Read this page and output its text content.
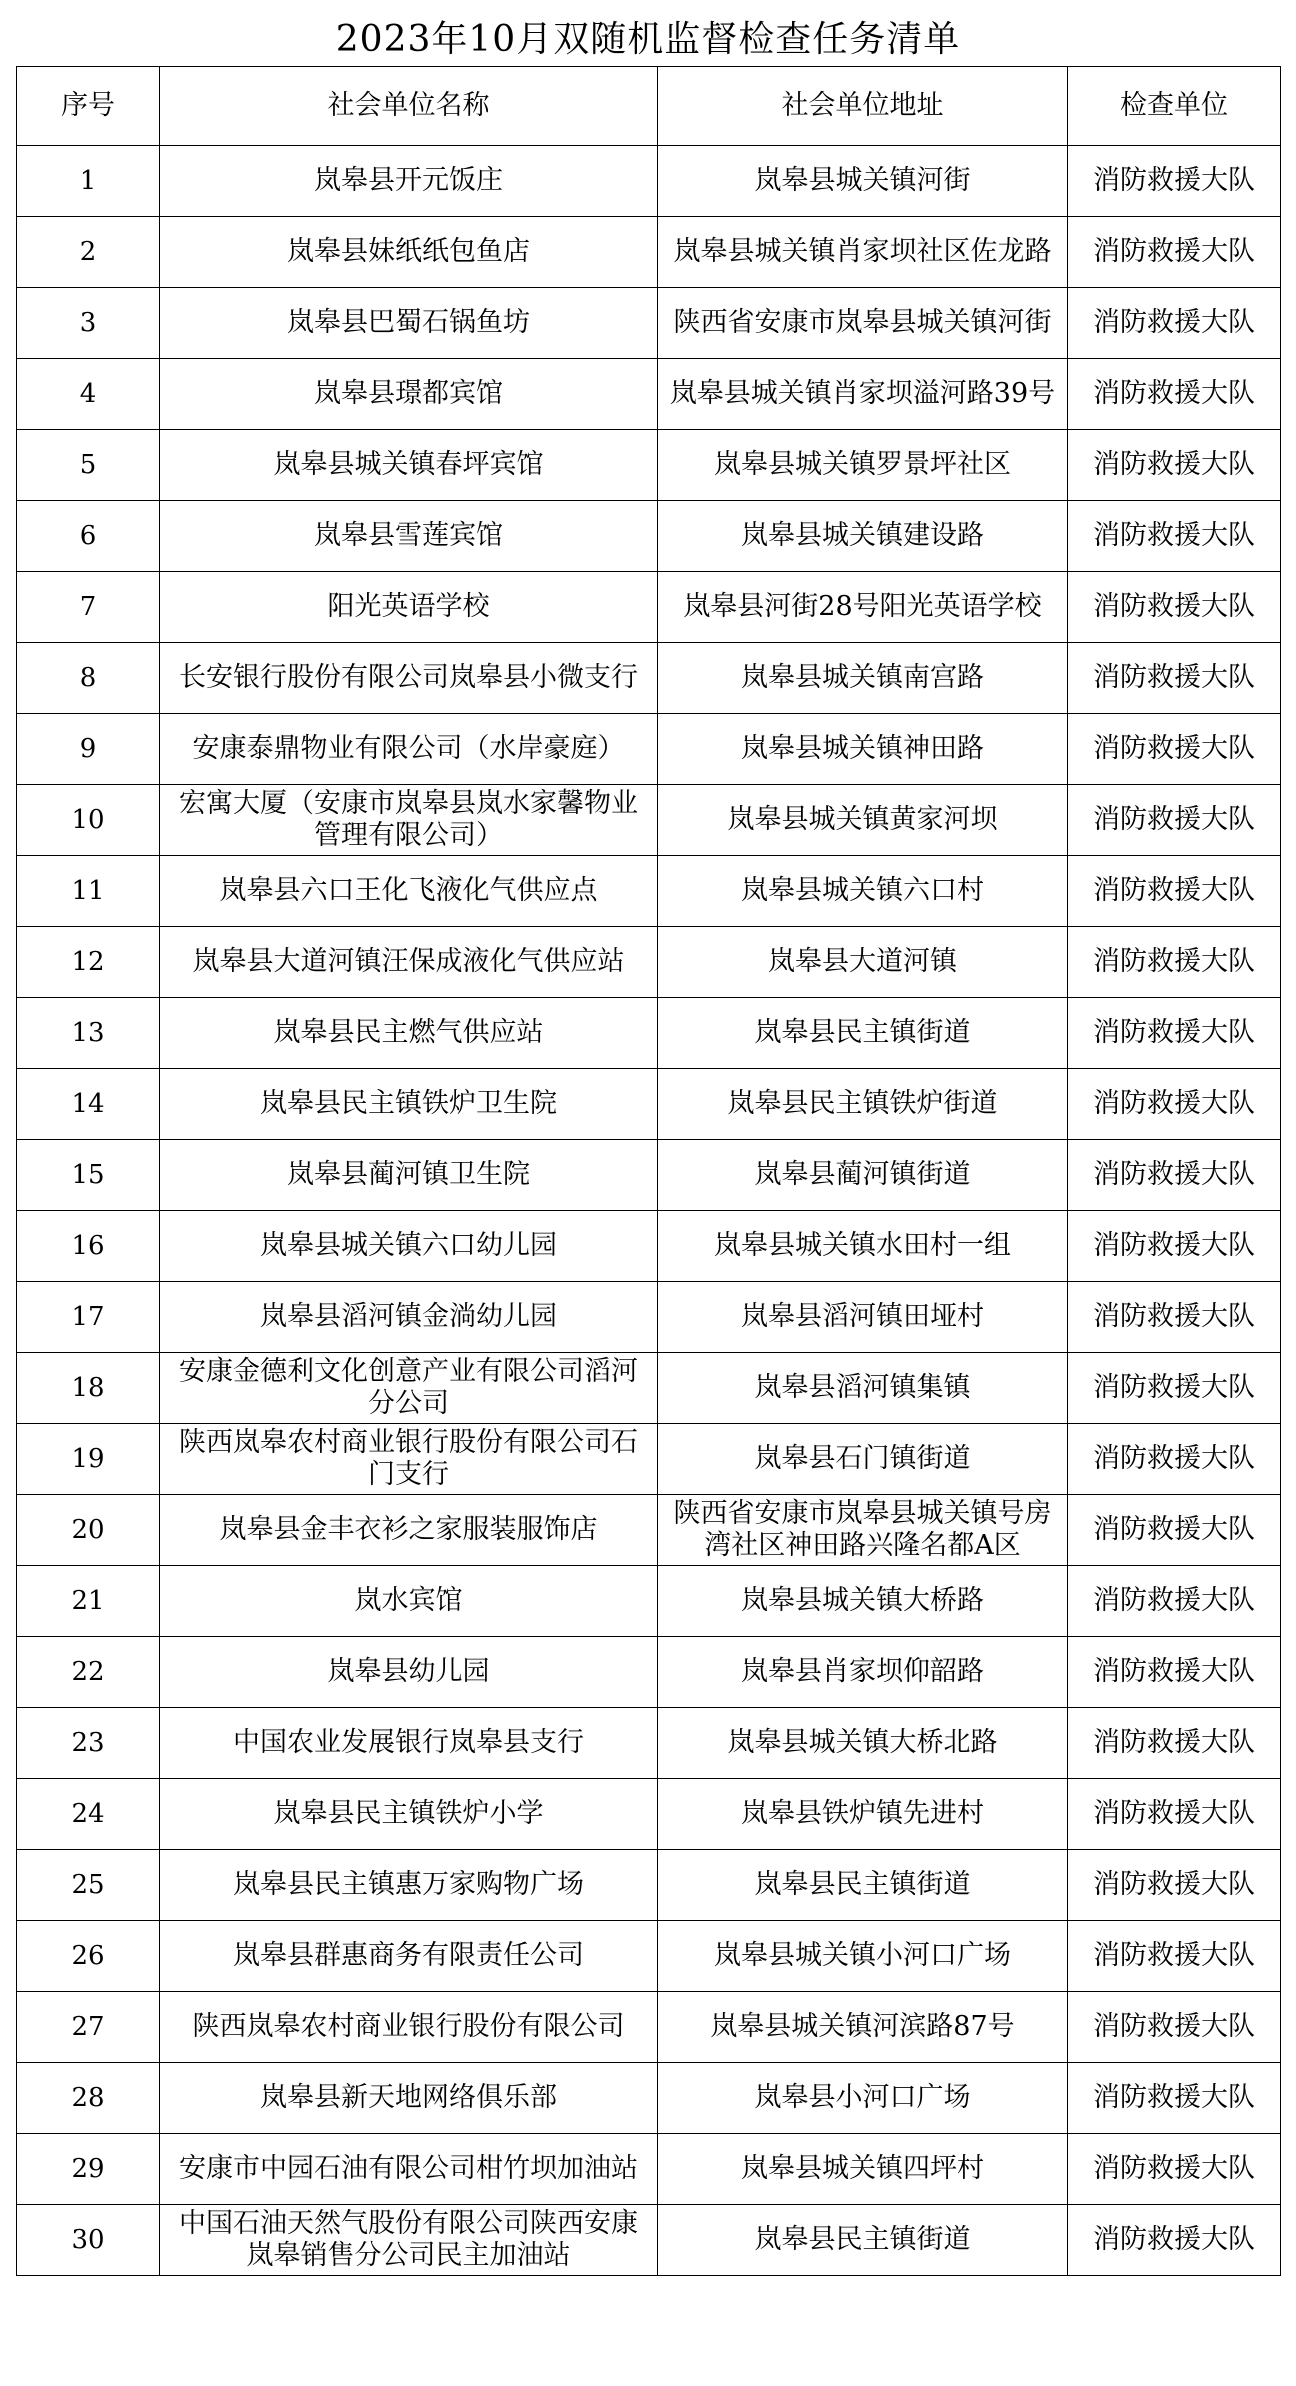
2023年10月双随机监督检查任务清单
序号	社会单位名称	社会单位地址	检查单位
1	岚皋县开元饭庄	岚皋县城关镇河街	消防救援大队
2	岚皋县妹纸纸包鱼店	岚皋县城关镇肖家坝社区佐龙路	消防救援大队
3	岚皋县巴蜀石锅鱼坊	陕西省安康市岚皋县城关镇河街	消防救援大队
4	岚皋县璟都宾馆	岚皋县城关镇肖家坝溢河路39号	消防救援大队
5	岚皋县城关镇春坪宾馆	岚皋县城关镇罗景坪社区	消防救援大队
6	岚皋县雪莲宾馆	岚皋县城关镇建设路	消防救援大队
7	阳光英语学校	岚皋县河街28号阳光英语学校	消防救援大队
8	长安银行股份有限公司岚皋县小微支行	岚皋县城关镇南宫路	消防救援大队
9	安康泰鼎物业有限公司（水岸豪庭）	岚皋县城关镇神田路	消防救援大队
10	宏寓大厦（安康市岚皋县岚水家馨物业管理有限公司）	岚皋县城关镇黄家河坝	消防救援大队
11	岚皋县六口王化飞液化气供应点	岚皋县城关镇六口村	消防救援大队
12	岚皋县大道河镇汪保成液化气供应站	岚皋县大道河镇	消防救援大队
13	岚皋县民主燃气供应站	岚皋县民主镇街道	消防救援大队
14	岚皋县民主镇铁炉卫生院	岚皋县民主镇铁炉街道	消防救援大队
15	岚皋县蔺河镇卫生院	岚皋县蔺河镇街道	消防救援大队
16	岚皋县城关镇六口幼儿园	岚皋县城关镇水田村一组	消防救援大队
17	岚皋县滔河镇金淌幼儿园	岚皋县滔河镇田垭村	消防救援大队
18	安康金德利文化创意产业有限公司滔河分公司	岚皋县滔河镇集镇	消防救援大队
19	陕西岚皋农村商业银行股份有限公司石门支行	岚皋县石门镇街道	消防救援大队
20	岚皋县金丰衣衫之家服装服饰店	陕西省安康市岚皋县城关镇号房湾社区神田路兴隆名都A区	消防救援大队
21	岚水宾馆	岚皋县城关镇大桥路	消防救援大队
22	岚皋县幼儿园	岚皋县肖家坝仰韶路	消防救援大队
23	中国农业发展银行岚皋县支行	岚皋县城关镇大桥北路	消防救援大队
24	岚皋县民主镇铁炉小学	岚皋县铁炉镇先进村	消防救援大队
25	岚皋县民主镇惠万家购物广场	岚皋县民主镇街道	消防救援大队
26	岚皋县群惠商务有限责任公司	岚皋县城关镇小河口广场	消防救援大队
27	陕西岚皋农村商业银行股份有限公司	岚皋县城关镇河滨路87号	消防救援大队
28	岚皋县新天地网络俱乐部	岚皋县小河口广场	消防救援大队
29	安康市中园石油有限公司柑竹坝加油站	岚皋县城关镇四坪村	消防救援大队
30	中国石油天然气股份有限公司陕西安康岚皋销售分公司民主加油站	岚皋县民主镇街道	消防救援大队
